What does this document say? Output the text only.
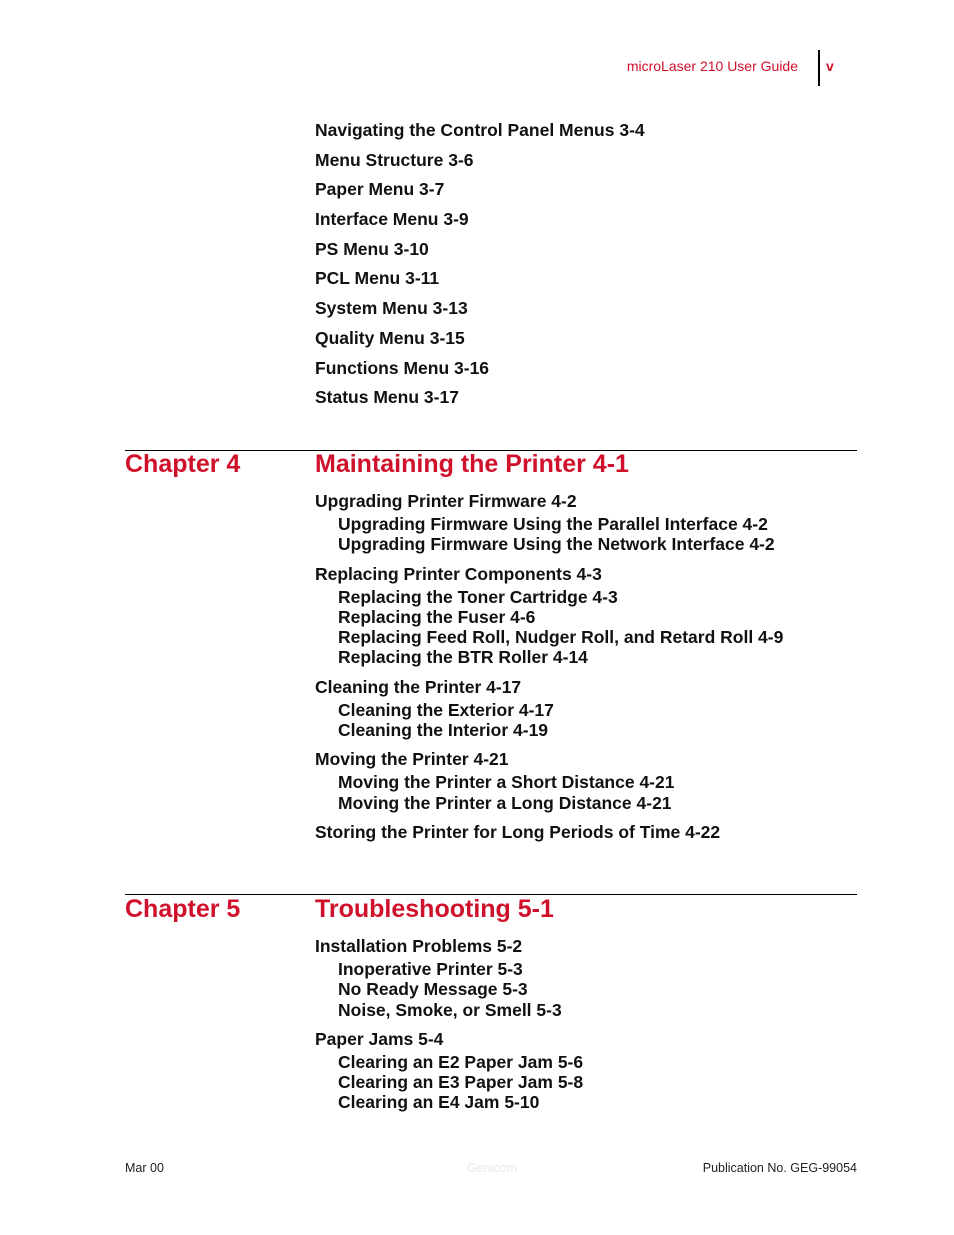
microLaser 210 User Guide v
Navigating the Control Panel Menus 3-4
Menu Structure 3-6
Paper Menu 3-7
Interface Menu 3-9
PS Menu 3-10
PCL Menu 3-11
System Menu 3-13
Quality Menu 3-15
Functions Menu 3-16
Status Menu 3-17
Chapter 4	Maintaining the Printer 4-1
Upgrading Printer Firmware 4-2
Upgrading Firmware Using the Parallel Interface 4-2
Upgrading Firmware Using the Network Interface 4-2
Replacing Printer Components 4-3
Replacing the Toner Cartridge 4-3
Replacing the Fuser 4-6
Replacing Feed Roll, Nudger Roll, and Retard Roll 4-9
Replacing the BTR Roller 4-14
Cleaning the Printer 4-17
Cleaning the Exterior 4-17
Cleaning the Interior 4-19
Moving the Printer 4-21
Moving the Printer a Short Distance 4-21
Moving the Printer a Long Distance 4-21
Storing the Printer for Long Periods of Time 4-22
Chapter 5	Troubleshooting 5-1
Installation Problems 5-2
Inoperative Printer 5-3
No Ready Message 5-3
Noise, Smoke, or Smell 5-3
Paper Jams 5-4
Clearing an E2 Paper Jam 5-6
Clearing an E3 Paper Jam 5-8
Clearing an E4 Jam 5-10
Mar 00	Genicom	Publication No. GEG-99054
